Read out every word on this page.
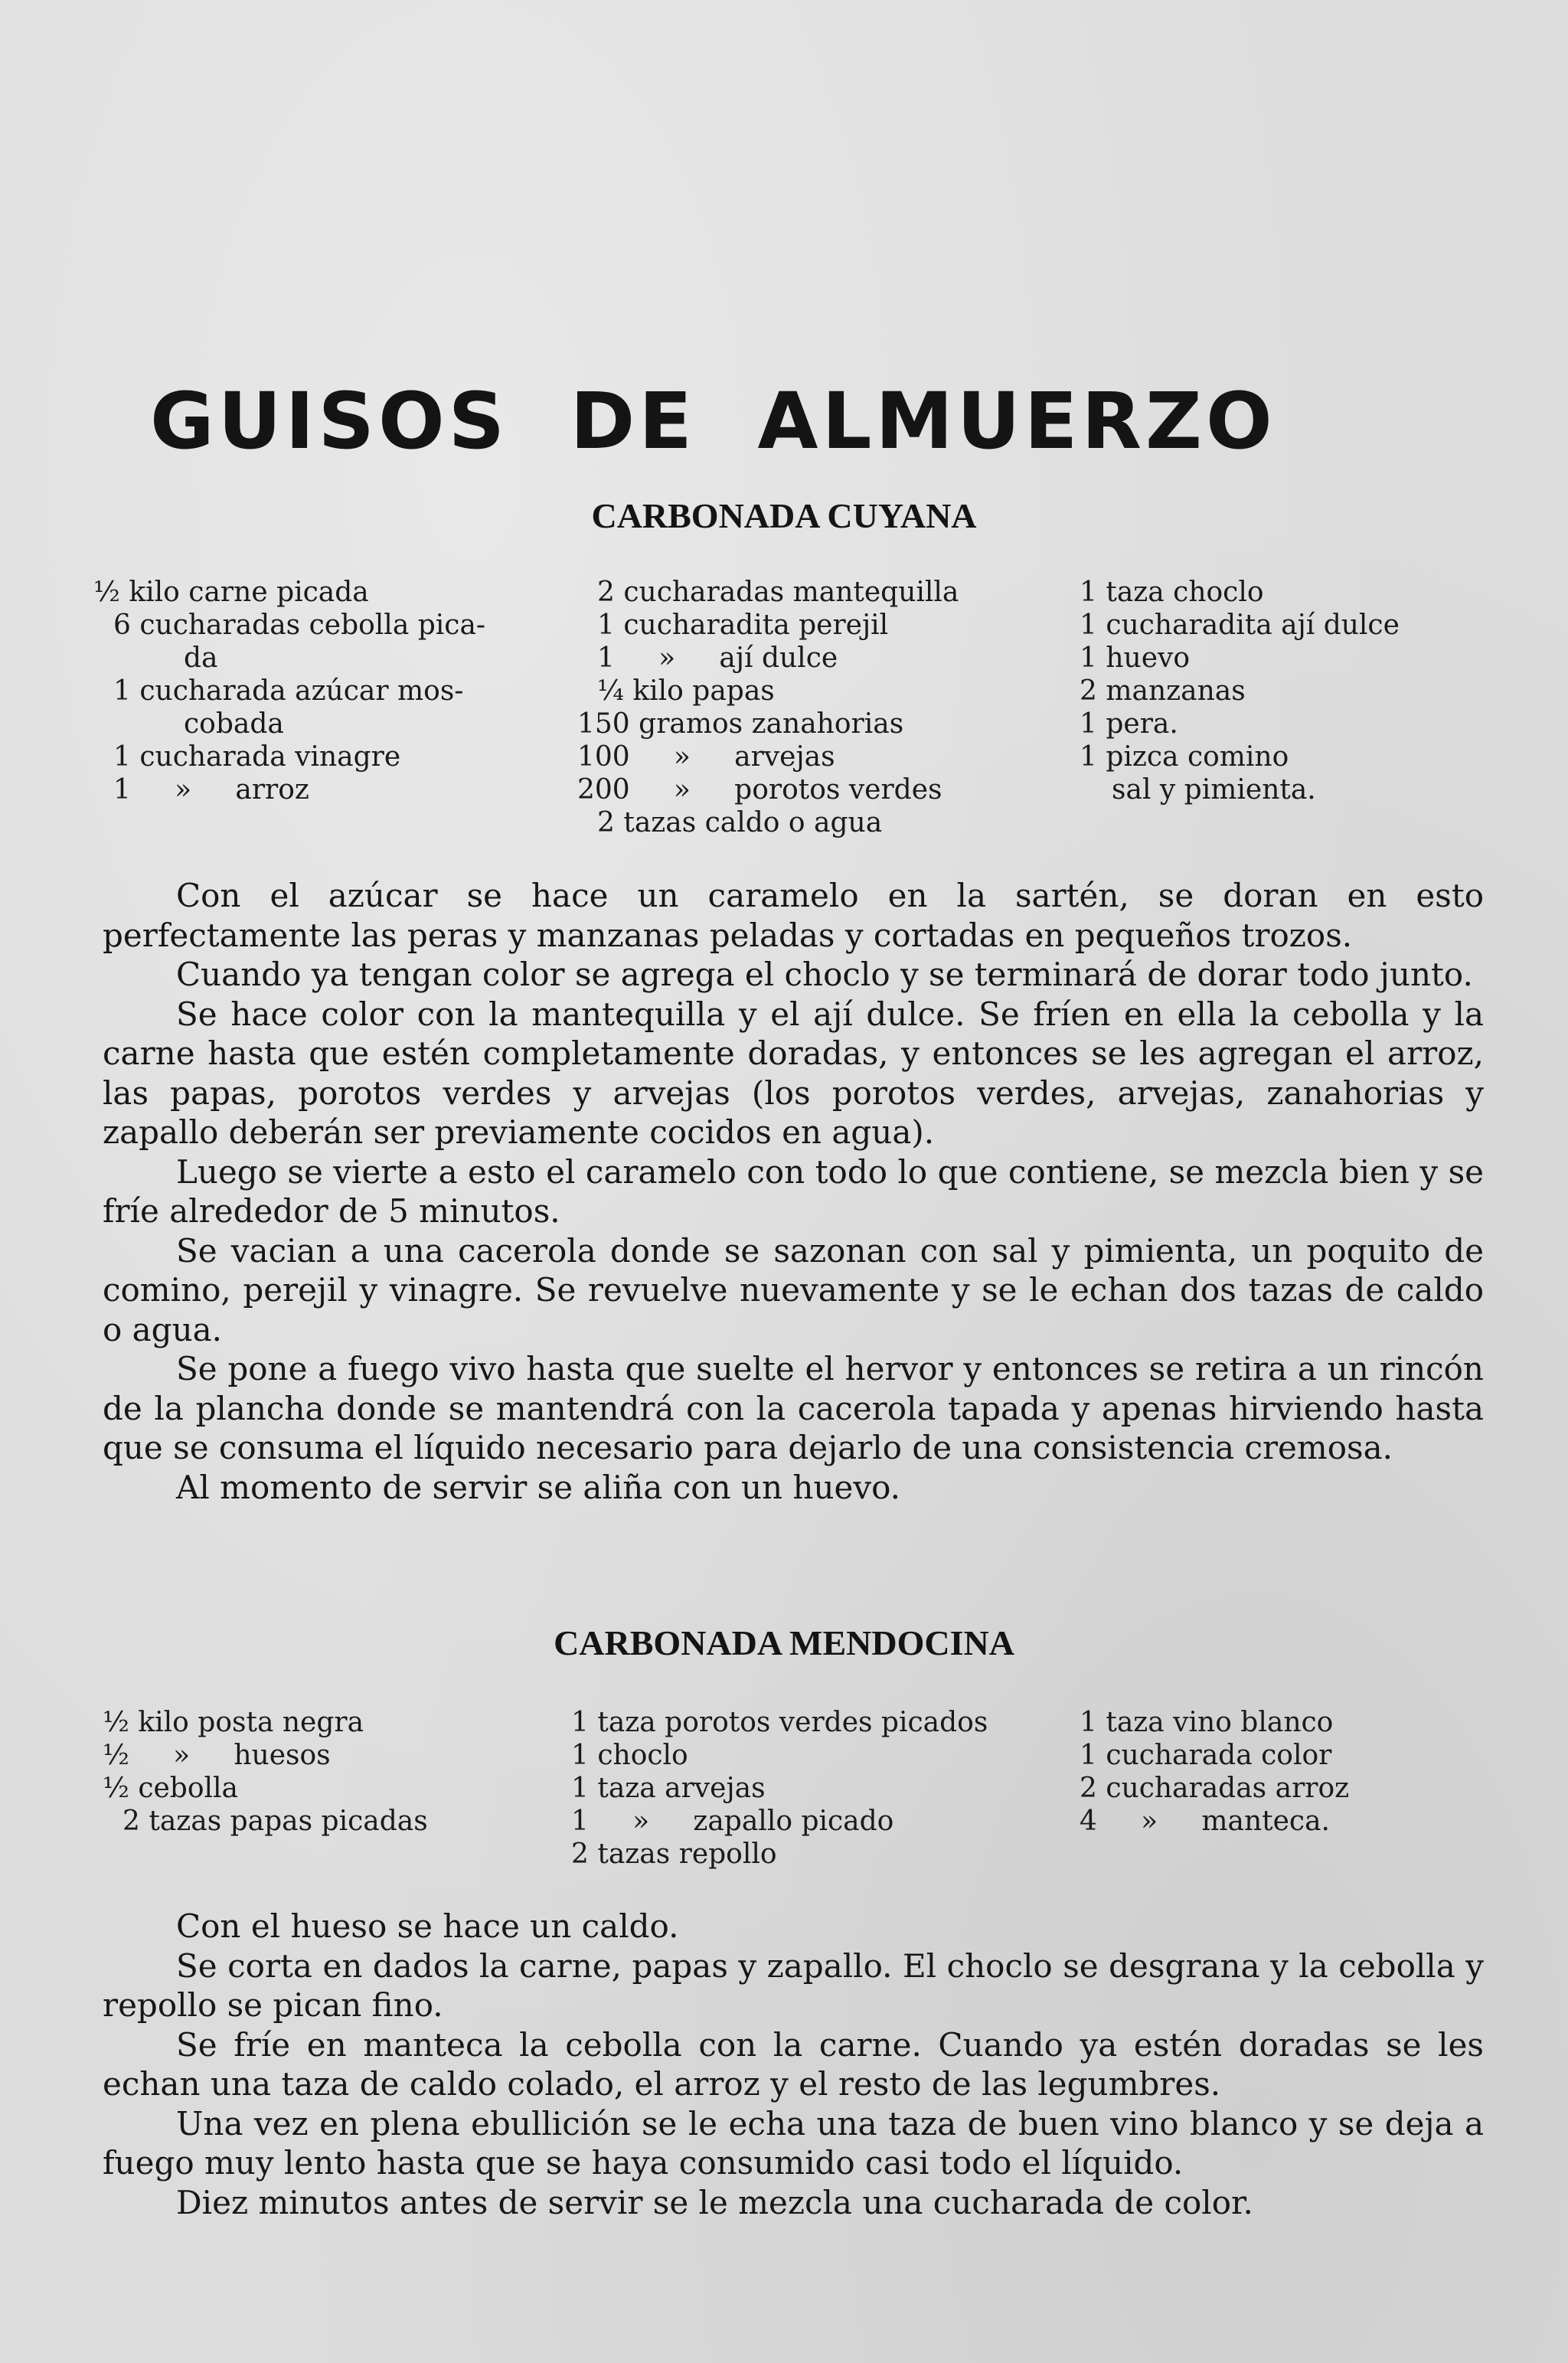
GUISOS DE ALMUERZO
CARBONADA CUYANA
½ kilo carne picada
6 cucharadas cebolla pica-
da
1 cucharada azúcar mos-
cobada
1 cucharada vinagre
1     »     arroz
2 cucharadas mantequilla
1 cucharadita perejil
1     »     ají dulce
¼ kilo papas
150 gramos zanahorias
100     »     arvejas
200     »     porotos verdes
2 tazas caldo o agua
1 taza choclo
1 cucharadita ají dulce
1 huevo
2 manzanas
1 pera.
1 pizca comino
sal y pimienta.

Con el azúcar se hace un caramelo en la sartén, se doran en esto perfectamente las peras y manzanas peladas y cortadas en pequeños trozos.

Cuando ya tengan color se agrega el choclo y se terminará de dorar todo junto.

Se hace color con la mantequilla y el ají dulce. Se fríen en ella la cebolla y la carne hasta que estén completamente doradas, y entonces se les agregan el arroz, las papas, porotos verdes y arvejas (los porotos verdes, arvejas, zanahorias y zapallo deberán ser previamente cocidos en agua).

Luego se vierte a esto el caramelo con todo lo que contiene, se mezcla bien y se fríe alrededor de 5 minutos.

Se vacian a una cacerola donde se sazonan con sal y pimienta, un poquito de comino, perejil y vinagre. Se revuelve nuevamente y se le echan dos tazas de caldo o agua.

Se pone a fuego vivo hasta que suelte el hervor y entonces se retira a un rincón de la plancha donde se mantendrá con la cacerola tapada y apenas hirviendo hasta que se consuma el líquido necesario para dejarlo de una consistencia cremosa.

Al momento de servir se aliña con un huevo.

CARBONADA MENDOCINA
½ kilo posta negra
½     »     huesos
½ cebolla
2 tazas papas picadas
1 taza porotos verdes picados
1 choclo
1 taza arvejas
1     »     zapallo picado
2 tazas repollo
1 taza vino blanco
1 cucharada color
2 cucharadas arroz
4     »     manteca.

Con el hueso se hace un caldo.

Se corta en dados la carne, papas y zapallo. El choclo se desgrana y la cebolla y repollo se pican fino.

Se fríe en manteca la cebolla con la carne. Cuando ya estén doradas se les echan una taza de caldo colado, el arroz y el resto de las legumbres.

Una vez en plena ebullición se le echa una taza de buen vino blanco y se deja a fuego muy lento hasta que se haya consumido casi todo el líquido.

Diez minutos antes de servir se le mezcla una cucharada de color.
